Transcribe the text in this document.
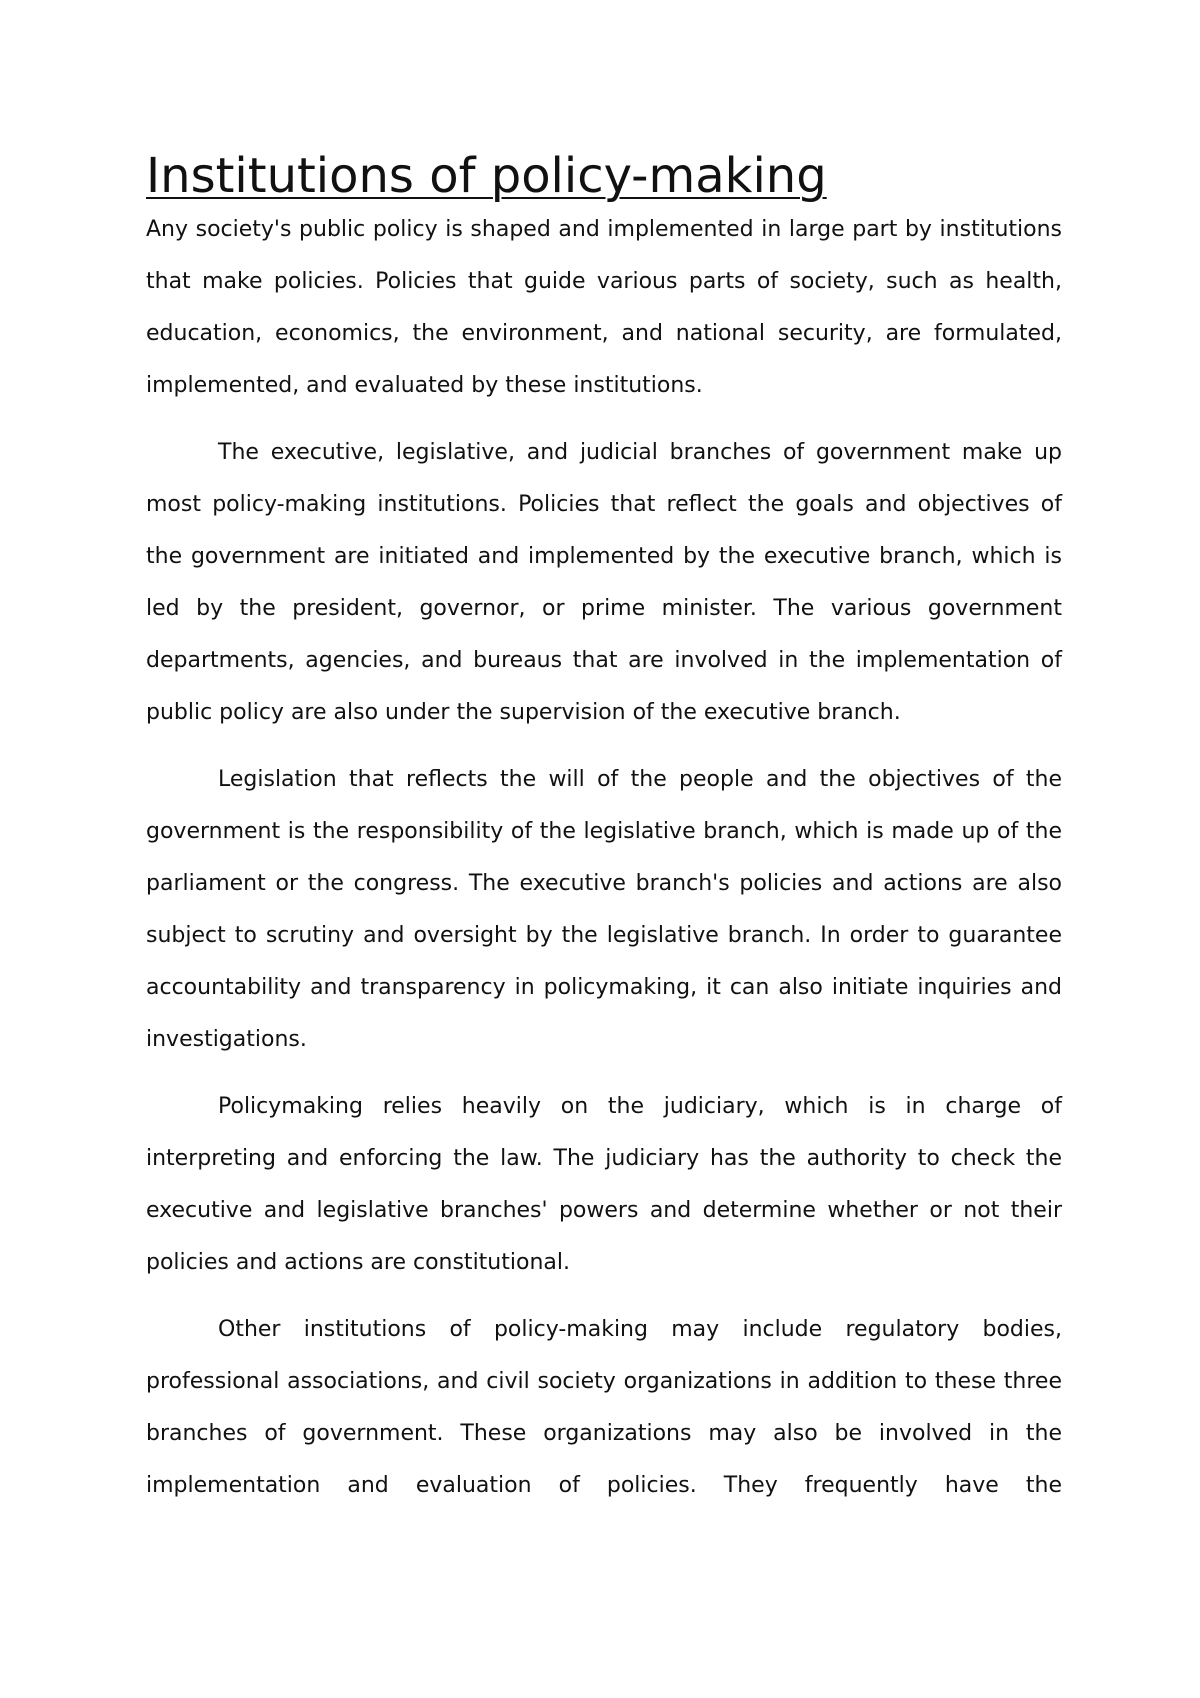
Institutions of policy-making

Any society's public policy is shaped and implemented in large part by institutions that make policies. Policies that guide various parts of society, such as health, education, economics, the environment, and national security, are formulated, implemented, and evaluated by these institutions.

The executive, legislative, and judicial branches of government make up most policy-making institutions. Policies that reflect the goals and objectives of the government are initiated and implemented by the executive branch, which is led by the president, governor, or prime minister. The various government departments, agencies, and bureaus that are involved in the implementation of public policy are also under the supervision of the executive branch.

Legislation that reflects the will of the people and the objectives of the government is the responsibility of the legislative branch, which is made up of the parliament or the congress. The executive branch's policies and actions are also subject to scrutiny and oversight by the legislative branch. In order to guarantee accountability and transparency in policymaking, it can also initiate inquiries and investigations.

Policymaking relies heavily on the judiciary, which is in charge of interpreting and enforcing the law. The judiciary has the authority to check the executive and legislative branches' powers and determine whether or not their policies and actions are constitutional.

Other institutions of policy-making may include regulatory bodies, professional associations, and civil society organizations in addition to these three branches of government. These organizations may also be involved in the implementation and evaluation of policies. They frequently have the
